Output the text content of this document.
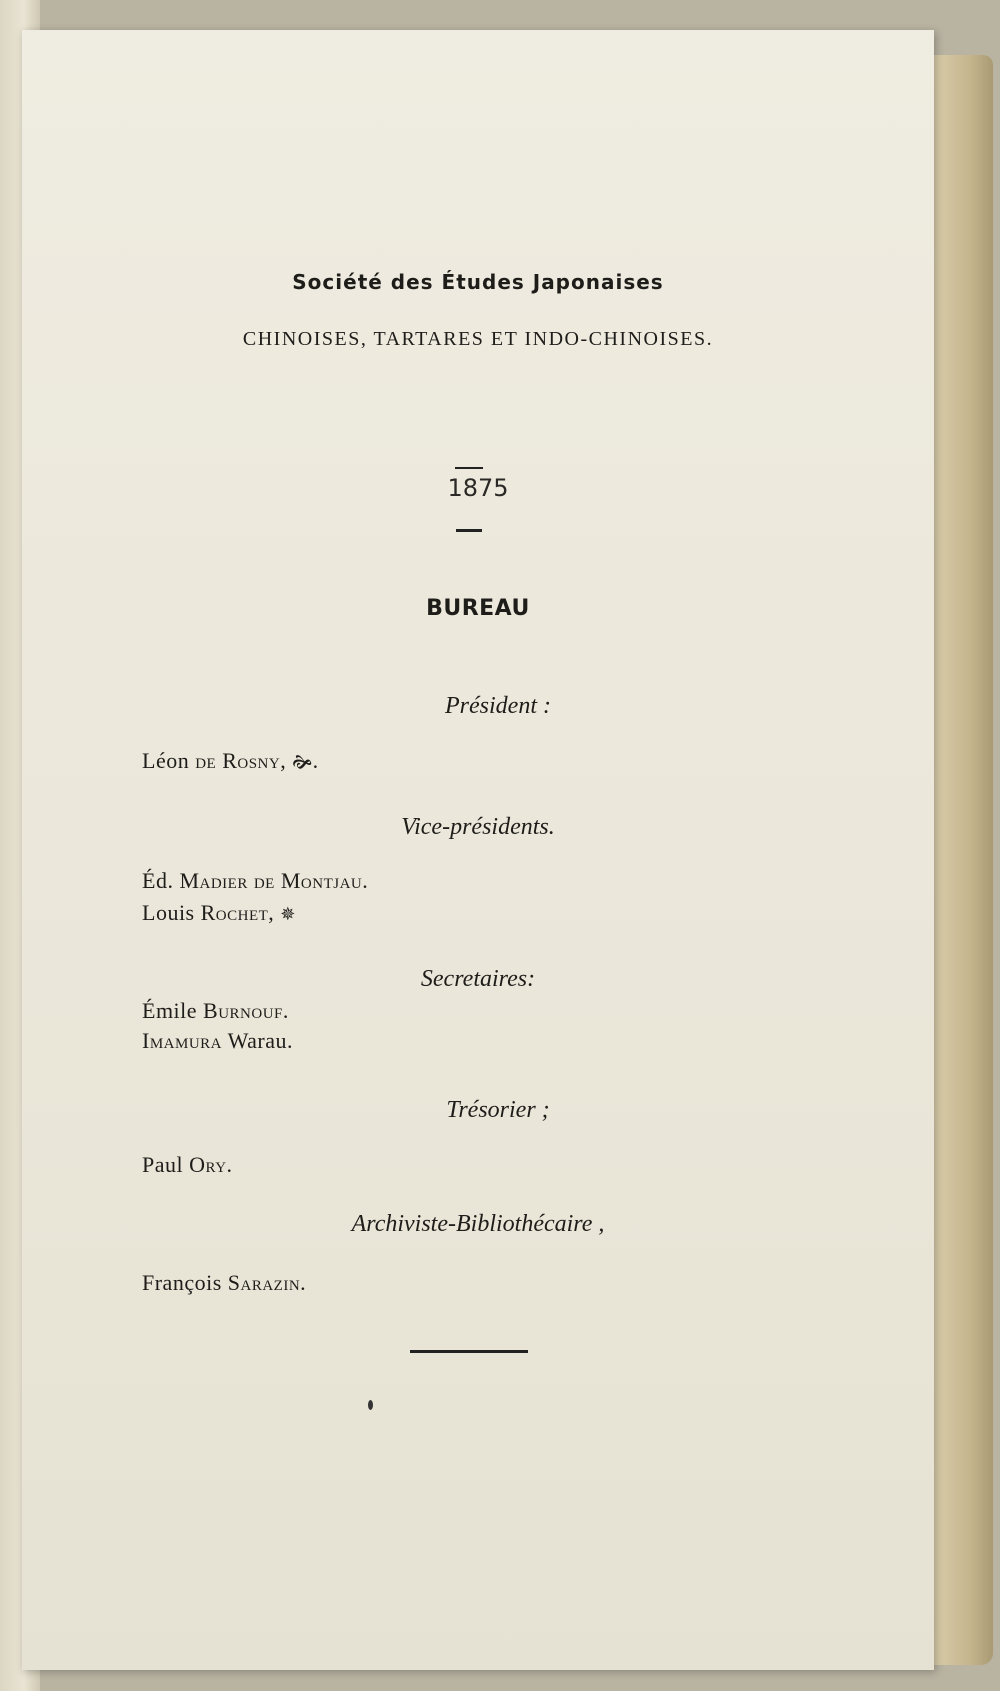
Société des Études Japonaises
CHINOISES, TARTARES ET INDO-CHINOISES.
1875
BUREAU
Président :
Léon de Rosny, 🙞.
Vice-présidents.
Éd. Madier de Montjau.
Louis Rochet, ✵
Secretaires:
Émile Burnouf.
Imamura Warau.
Trésorier ;
Paul Ory.
Archiviste-Bibliothécaire ,
François Sarazin.
